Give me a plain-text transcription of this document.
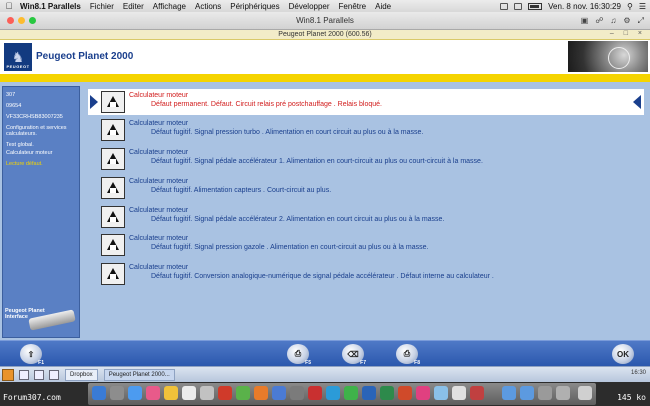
Win8.1 Parallels Fichier Editer Affichage Actions Périphériques Développer Fenêtre Aide	Ven. 8 nov. 16:30:29 ⚲ ☰
Win8.1 Parallels	▣ ☍ ♫ ⚙ ⤢
Peugeot Planet 2000 (600.56)	– □ ×
♞
PEUGEOT
Peugeot Planet 2000
307
09654
VF33CRHSB83007235
Configuration et services calculateurs.
Test global.
Calculateur moteur
Lecture défaut.
Peugeot Planet
Interface
Calculateur moteur
Défaut permanent. Défaut. Circuit relais pré postchauffage . Relais bloqué.
Calculateur moteur
Défaut fugitif. Signal pression turbo . Alimentation en court circuit au plus ou à la masse.
Calculateur moteur
Défaut fugitif. Signal pédale accélérateur 1. Alimentation en court-circuit au plus ou court-circuit à la masse.
Calculateur moteur
Défaut fugitif. Alimentation capteurs . Court-circuit au plus.
Calculateur moteur
Défaut fugitif. Signal pédale accélérateur 2. Alimentation en court circuit au plus ou à la masse.
Calculateur moteur
Défaut fugitif. Signal pression gazole . Alimentation en court-circuit au plus ou à la masse.
Calculateur moteur
Défaut fugitif. Conversion analogique-numérique de signal pédale accélérateur . Défaut interne au calculateur .
⇧
F1
⎙
F5
⌫
F7
⎙
F8
OK
Dropbox	Peugeot Planet 2000...	16:30
Forum307.com	145 ko
